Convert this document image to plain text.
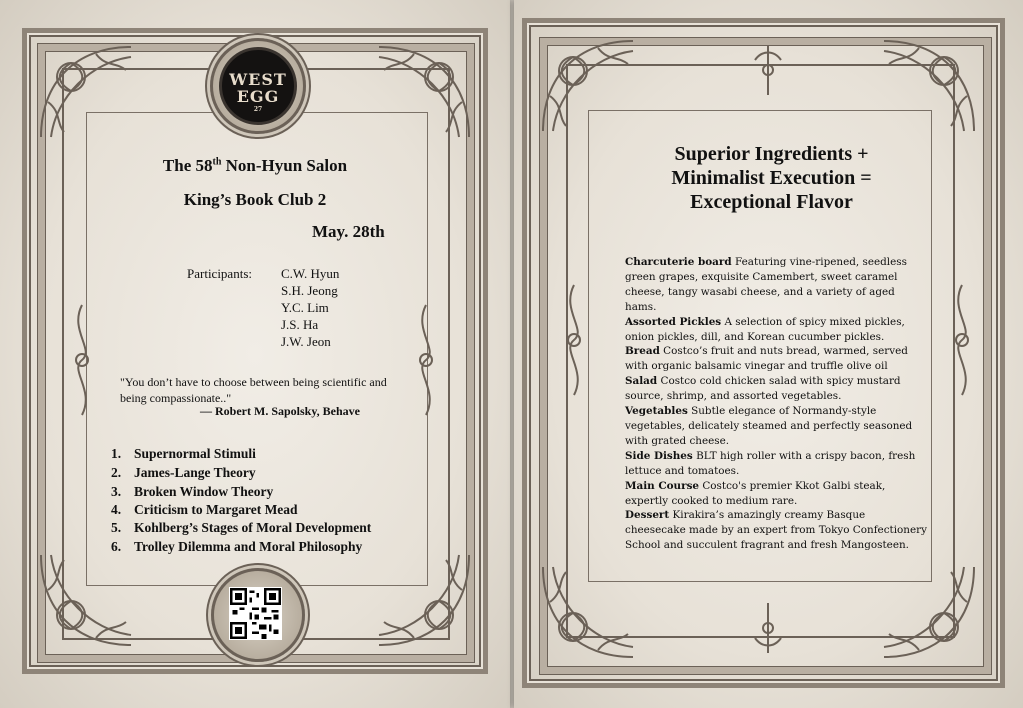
WEST
EGG
27
The 58th Non-Hyun Salon
King’s Book Club 2
May. 28th
Participants: C.W. Hyun
S.H. Jeong
Y.C. Lim
J.S. Ha
J.W. Jeon
"You don’t have to choose between being scientific and being compassionate.."
— Robert M. Sapolsky, Behave
1. Supernormal Stimuli
2. James-Lange Theory
3. Broken Window Theory
4. Criticism to Margaret Mead
5. Kohlberg’s Stages of Moral Development
6. Trolley Dilemma and Moral Philosophy
Superior Ingredients +
Minimalist Execution =
Exceptional Flavor

Charcuterie board Featuring vine-ripened, seedless green grapes, exquisite Camembert, sweet caramel cheese, tangy wasabi cheese, and a variety of aged hams.

Assorted Pickles A selection of spicy mixed pickles, onion pickles, dill, and Korean cucumber pickles.

Bread Costco’s fruit and nuts bread, warmed, served with organic balsamic vinegar and truffle olive oil

Salad Costco cold chicken salad with spicy mustard source, shrimp, and assorted vegetables.

Vegetables Subtle elegance of Normandy-style vegetables, delicately steamed and perfectly seasoned with grated cheese.

Side Dishes BLT high roller with a crispy bacon, fresh lettuce and tomatoes.

Main Course Costco's premier Kkot Galbi steak, expertly cooked to medium rare.

Dessert Kirakira’s amazingly creamy Basque cheesecake made by an expert from Tokyo Confectionery School and succulent fragrant and fresh Mangosteen.
